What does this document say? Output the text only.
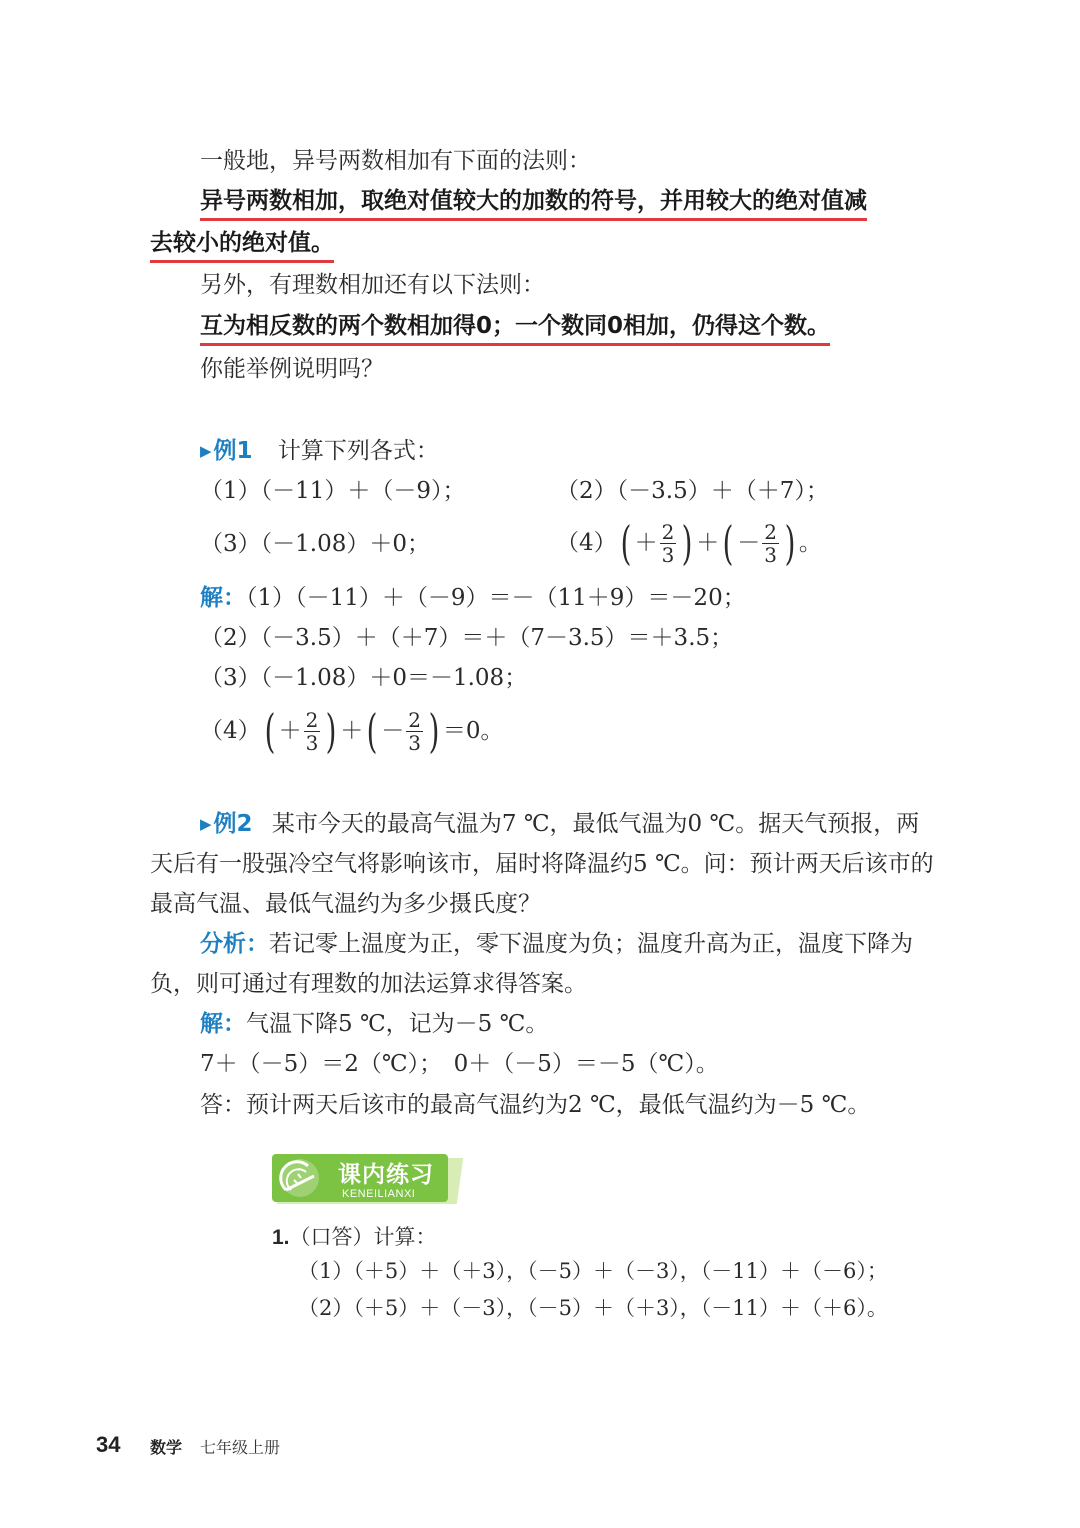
一般地，异号两数相加有下面的法则：
异号两数相加，取绝对值较大的加数的符号，并用较大的绝对值减
去较小的绝对值。
另外，有理数相加还有以下法则：
互为相反数的两个数相加得0；一个数同0相加，仍得这个数。
你能举例说明吗？
▶例1 计算下列各式：
（1）（－11）＋（－9）；	（2）（－3.5）＋（＋7）；
（3）（－1.08）＋0；	（4） ( ＋ $\frac{2}{3}$ ) ＋ ( － $\frac{2}{3}$ ) 。
解：（1）（－11）＋（－9）＝－（11＋9）＝－20；
（2）（－3.5）＋（＋7）＝＋（7－3.5）＝＋3.5；
（3）（－1.08）＋0＝－1.08；
（4） ( ＋ $\frac{2}{3}$ ) ＋ ( － $\frac{2}{3}$ ) ＝0。
▶例2 某市今天的最高气温为7 ℃，最低气温为0 ℃。据天气预报，两
天后有一股强冷空气将影响该市，届时将降温约5 ℃。问：预计两天后该市的
最高气温、最低气温约为多少摄氏度？
分析：若记零上温度为正，零下温度为负；温度升高为正，温度下降为
负，则可通过有理数的加法运算求得答案。
解：气温下降5 ℃，记为－5 ℃。
7＋（－5）＝2（℃）；　0＋（－5）＝－5（℃）。
答：预计两天后该市的最高气温约为2 ℃，最低气温约为－5 ℃。
课内练习
KENEILIANXI
1.（口答）计算：
（1）（＋5）＋（＋3），（－5）＋（－3），（－11）＋（－6）；
（2）（＋5）＋（－3），（－5）＋（＋3），（－11）＋（＋6）。
34 数学 七年级上册
